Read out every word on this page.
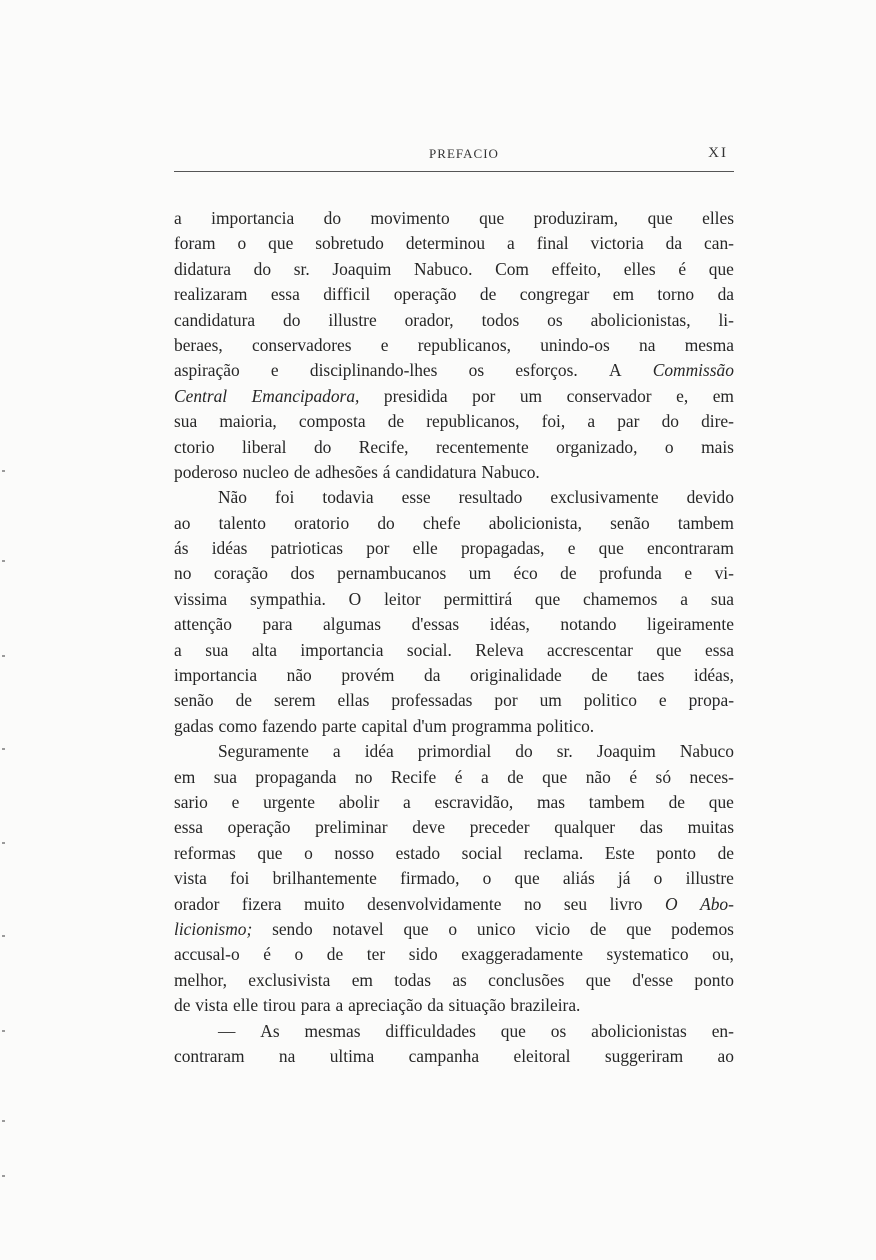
PREFACIO	XI
a importancia do movimento que produziram, que elles
foram o que sobretudo determinou a final victoria da can-
didatura do sr. Joaquim Nabuco. Com effeito, elles é que
realizaram essa difficil operação de congregar em torno da
candidatura do illustre orador, todos os abolicionistas, li-
beraes, conservadores e republicanos, unindo-os na mesma
aspiração e disciplinando-lhes os esforços. A Commissão
Central Emancipadora, presidida por um conservador e, em
sua maioria, composta de republicanos, foi, a par do dire-
ctorio liberal do Recife, recentemente organizado, o mais
poderoso nucleo de adhesões á candidatura Nabuco.
Não foi todavia esse resultado exclusivamente devido
ao talento oratorio do chefe abolicionista, senão tambem
ás idéas patrioticas por elle propagadas, e que encontraram
no coração dos pernambucanos um éco de profunda e vi-
vissima sympathia. O leitor permittirá que chamemos a sua
attenção para algumas d'essas idéas, notando ligeiramente
a sua alta importancia social. Releva accrescentar que essa
importancia não provém da originalidade de taes idéas,
senão de serem ellas professadas por um politico e propa-
gadas como fazendo parte capital d'um programma politico.
Seguramente a idéa primordial do sr. Joaquim Nabuco
em sua propaganda no Recife é a de que não é só neces-
sario e urgente abolir a escravidão, mas tambem de que
essa operação preliminar deve preceder qualquer das muitas
reformas que o nosso estado social reclama. Este ponto de
vista foi brilhantemente firmado, o que aliás já o illustre
orador fizera muito desenvolvidamente no seu livro O Abo-
licionismo; sendo notavel que o unico vicio de que podemos
accusal-o é o de ter sido exaggeradamente systematico ou,
melhor, exclusivista em todas as conclusões que d'esse ponto
de vista elle tirou para a apreciação da situação brazileira.
— As mesmas difficuldades que os abolicionistas en-
contraram na ultima campanha eleitoral suggeriram ao
